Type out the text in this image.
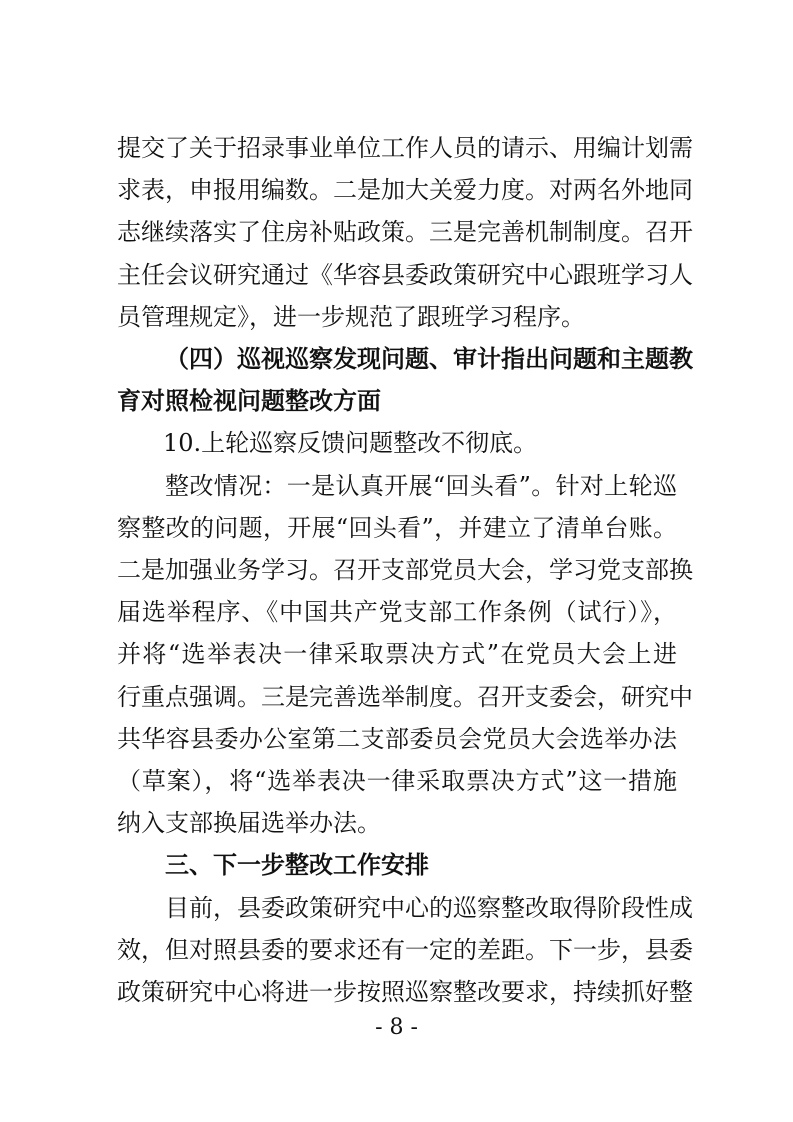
提交了关于招录事业单位工作人员的请示、用编计划需
求表，申报用编数。二是加大关爱力度。对两名外地同
志继续落实了住房补贴政策。三是完善机制制度。召开
主任会议研究通过《华容县委政策研究中心跟班学习人
员管理规定》，进一步规范了跟班学习程序。
（四）巡视巡察发现问题、审计指出问题和主题教
育对照检视问题整改方面
10.上轮巡察反馈问题整改不彻底。
整改情况：一是认真开展“回头看”。针对上轮巡
察整改的问题，开展“回头看”，并建立了清单台账。
二是加强业务学习。召开支部党员大会，学习党支部换
届选举程序、《中国共产党支部工作条例（试行）》，
并将“选举表决一律采取票决方式”在党员大会上进
行重点强调。三是完善选举制度。召开支委会，研究中
共华容县委办公室第二支部委员会党员大会选举办法
（草案），将“选举表决一律采取票决方式”这一措施
纳入支部换届选举办法。
三、下一步整改工作安排
目前，县委政策研究中心的巡察整改取得阶段性成
效，但对照县委的要求还有一定的差距。下一步，县委
政策研究中心将进一步按照巡察整改要求，持续抓好整
- 8 -
